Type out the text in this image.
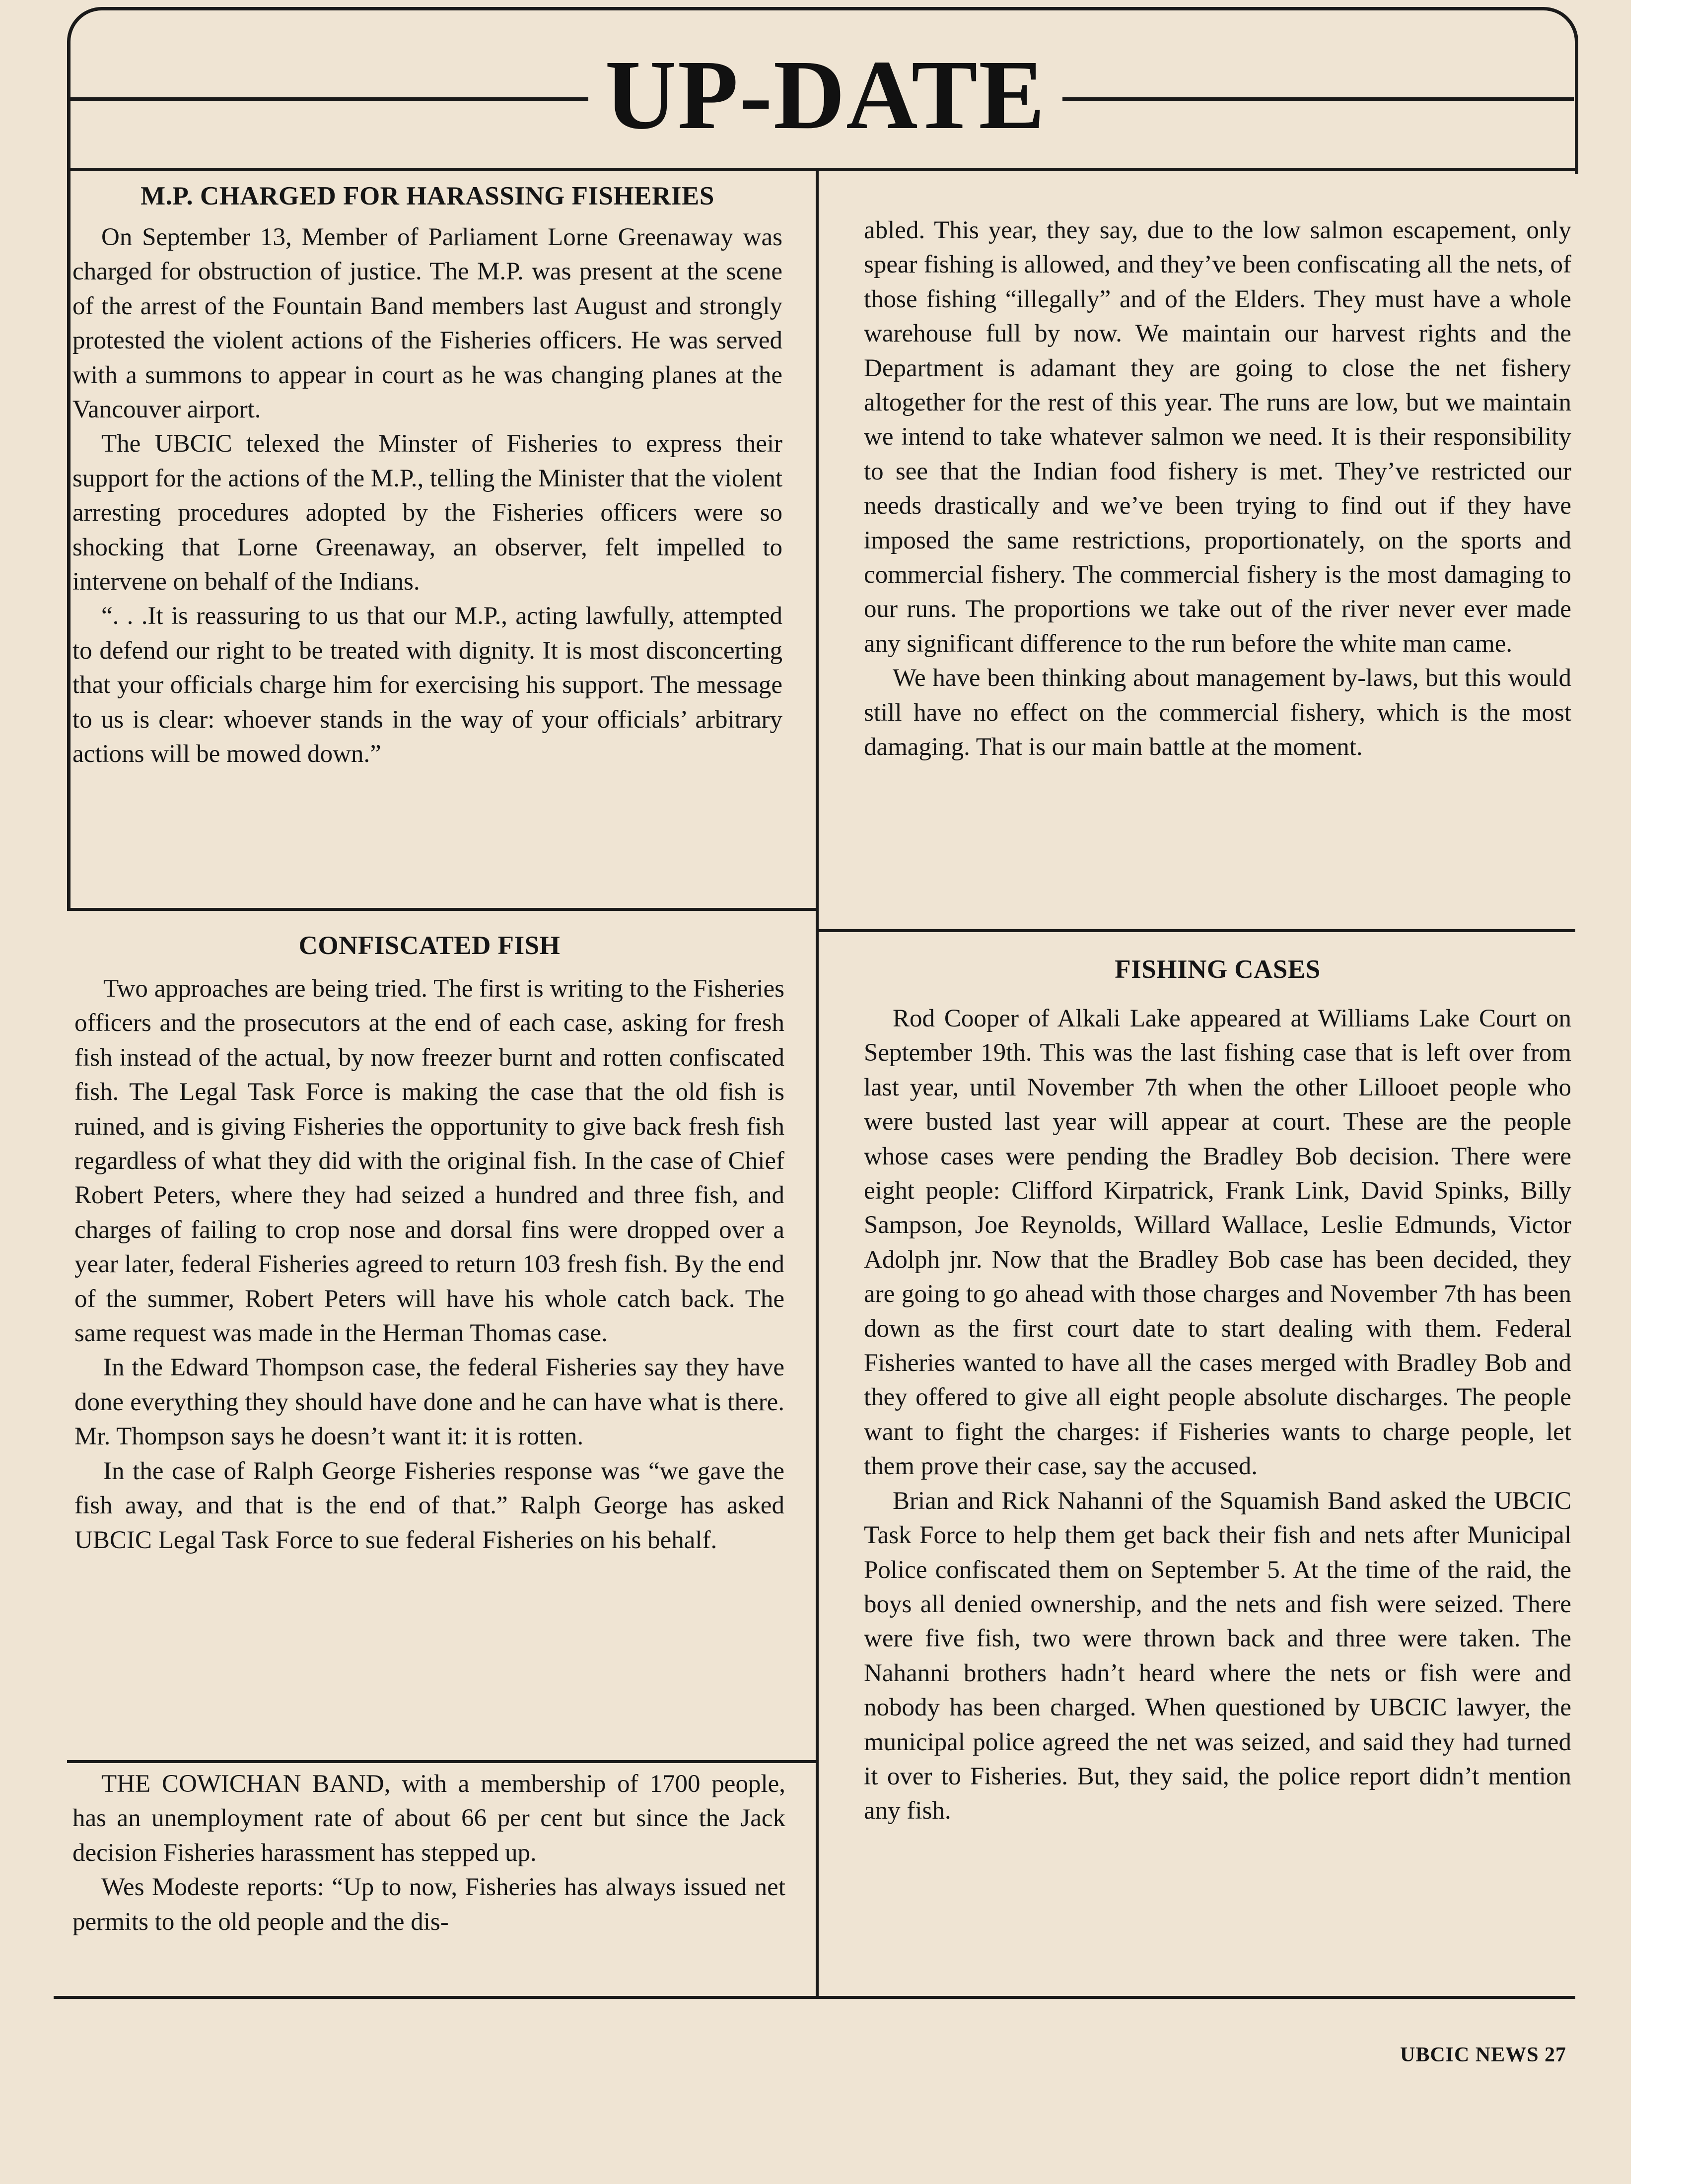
UP-DATE
M.P. CHARGED FOR HARASSING FISHERIES

On September 13, Member of Parliament Lorne Greenaway was charged for obstruction of justice. The M.P. was present at the scene of the arrest of the Fountain Band members last August and strongly protested the violent actions of the Fisheries officers. He was served with a summons to appear in court as he was changing planes at the Vancouver airport.

The UBCIC telexed the Minster of Fisheries to express their support for the actions of the M.P., telling the Minister that the violent arresting procedures adopted by the Fisheries officers were so shocking that Lorne Greenaway, an observer, felt impelled to intervene on behalf of the Indians.

“. . .It is reassuring to us that our M.P., acting lawfully, attempted to defend our right to be treated with dignity. It is most disconcerting that your officials charge him for exercising his support. The message to us is clear: whoever stands in the way of your officials’ arbitrary actions will be mowed down.”

CONFISCATED FISH

Two approaches are being tried. The first is writing to the Fisheries officers and the prosecutors at the end of each case, asking for fresh fish instead of the actual, by now freezer burnt and rotten confiscated fish. The Legal Task Force is making the case that the old fish is ruined, and is giving Fisheries the opportunity to give back fresh fish regardless of what they did with the original fish. In the case of Chief Robert Peters, where they had seized a hundred and three fish, and charges of failing to crop nose and dorsal fins were dropped over a year later, federal Fisheries agreed to return 103 fresh fish. By the end of the summer, Robert Peters will have his whole catch back. The same request was made in the Herman Thomas case.

In the Edward Thompson case, the federal Fisheries say they have done everything they should have done and he can have what is there. Mr. Thompson says he doesn’t want it: it is rotten.

In the case of Ralph George Fisheries response was “we gave the fish away, and that is the end of that.” Ralph George has asked UBCIC Legal Task Force to sue federal Fisheries on his behalf.

THE COWICHAN BAND, with a membership of 1700 people, has an unemployment rate of about 66 per cent but since the Jack decision Fisheries harassment has stepped up.

Wes Modeste reports: “Up to now, Fisheries has always issued net permits to the old people and the dis-

abled. This year, they say, due to the low salmon escapement, only spear fishing is allowed, and they’ve been confiscating all the nets, of those fishing “illegally” and of the Elders. They must have a whole warehouse full by now. We maintain our harvest rights and the Department is adamant they are going to close the net fishery altogether for the rest of this year. The runs are low, but we maintain we intend to take whatever salmon we need. It is their responsibility to see that the Indian food fishery is met. They’ve restricted our needs drastically and we’ve been trying to find out if they have imposed the same restrictions, proportionately, on the sports and commercial fishery. The commercial fishery is the most damaging to our runs. The proportions we take out of the river never ever made any significant difference to the run before the white man came.

We have been thinking about management by-laws, but this would still have no effect on the commercial fishery, which is the most damaging. That is our main battle at the moment.

FISHING CASES

Rod Cooper of Alkali Lake appeared at Williams Lake Court on September 19th. This was the last fishing case that is left over from last year, until November 7th when the other Lillooet people who were busted last year will appear at court. These are the people whose cases were pending the Bradley Bob decision. There were eight people: Clifford Kirpatrick, Frank Link, David Spinks, Billy Sampson, Joe Reynolds, Willard Wallace, Leslie Edmunds, Victor Adolph jnr. Now that the Bradley Bob case has been decided, they are going to go ahead with those charges and November 7th has been down as the first court date to start dealing with them. Federal Fisheries wanted to have all the cases merged with Bradley Bob and they offered to give all eight people absolute discharges. The people want to fight the charges: if Fisheries wants to charge people, let them prove their case, say the accused.

Brian and Rick Nahanni of the Squamish Band asked the UBCIC Task Force to help them get back their fish and nets after Municipal Police confiscated them on September 5. At the time of the raid, the boys all denied ownership, and the nets and fish were seized. There were five fish, two were thrown back and three were taken. The Nahanni brothers hadn’t heard where the nets or fish were and nobody has been charged. When questioned by UBCIC lawyer, the municipal police agreed the net was seized, and said they had turned it over to Fisheries. But, they said, the police report didn’t mention any fish.

UBCIC NEWS 27
